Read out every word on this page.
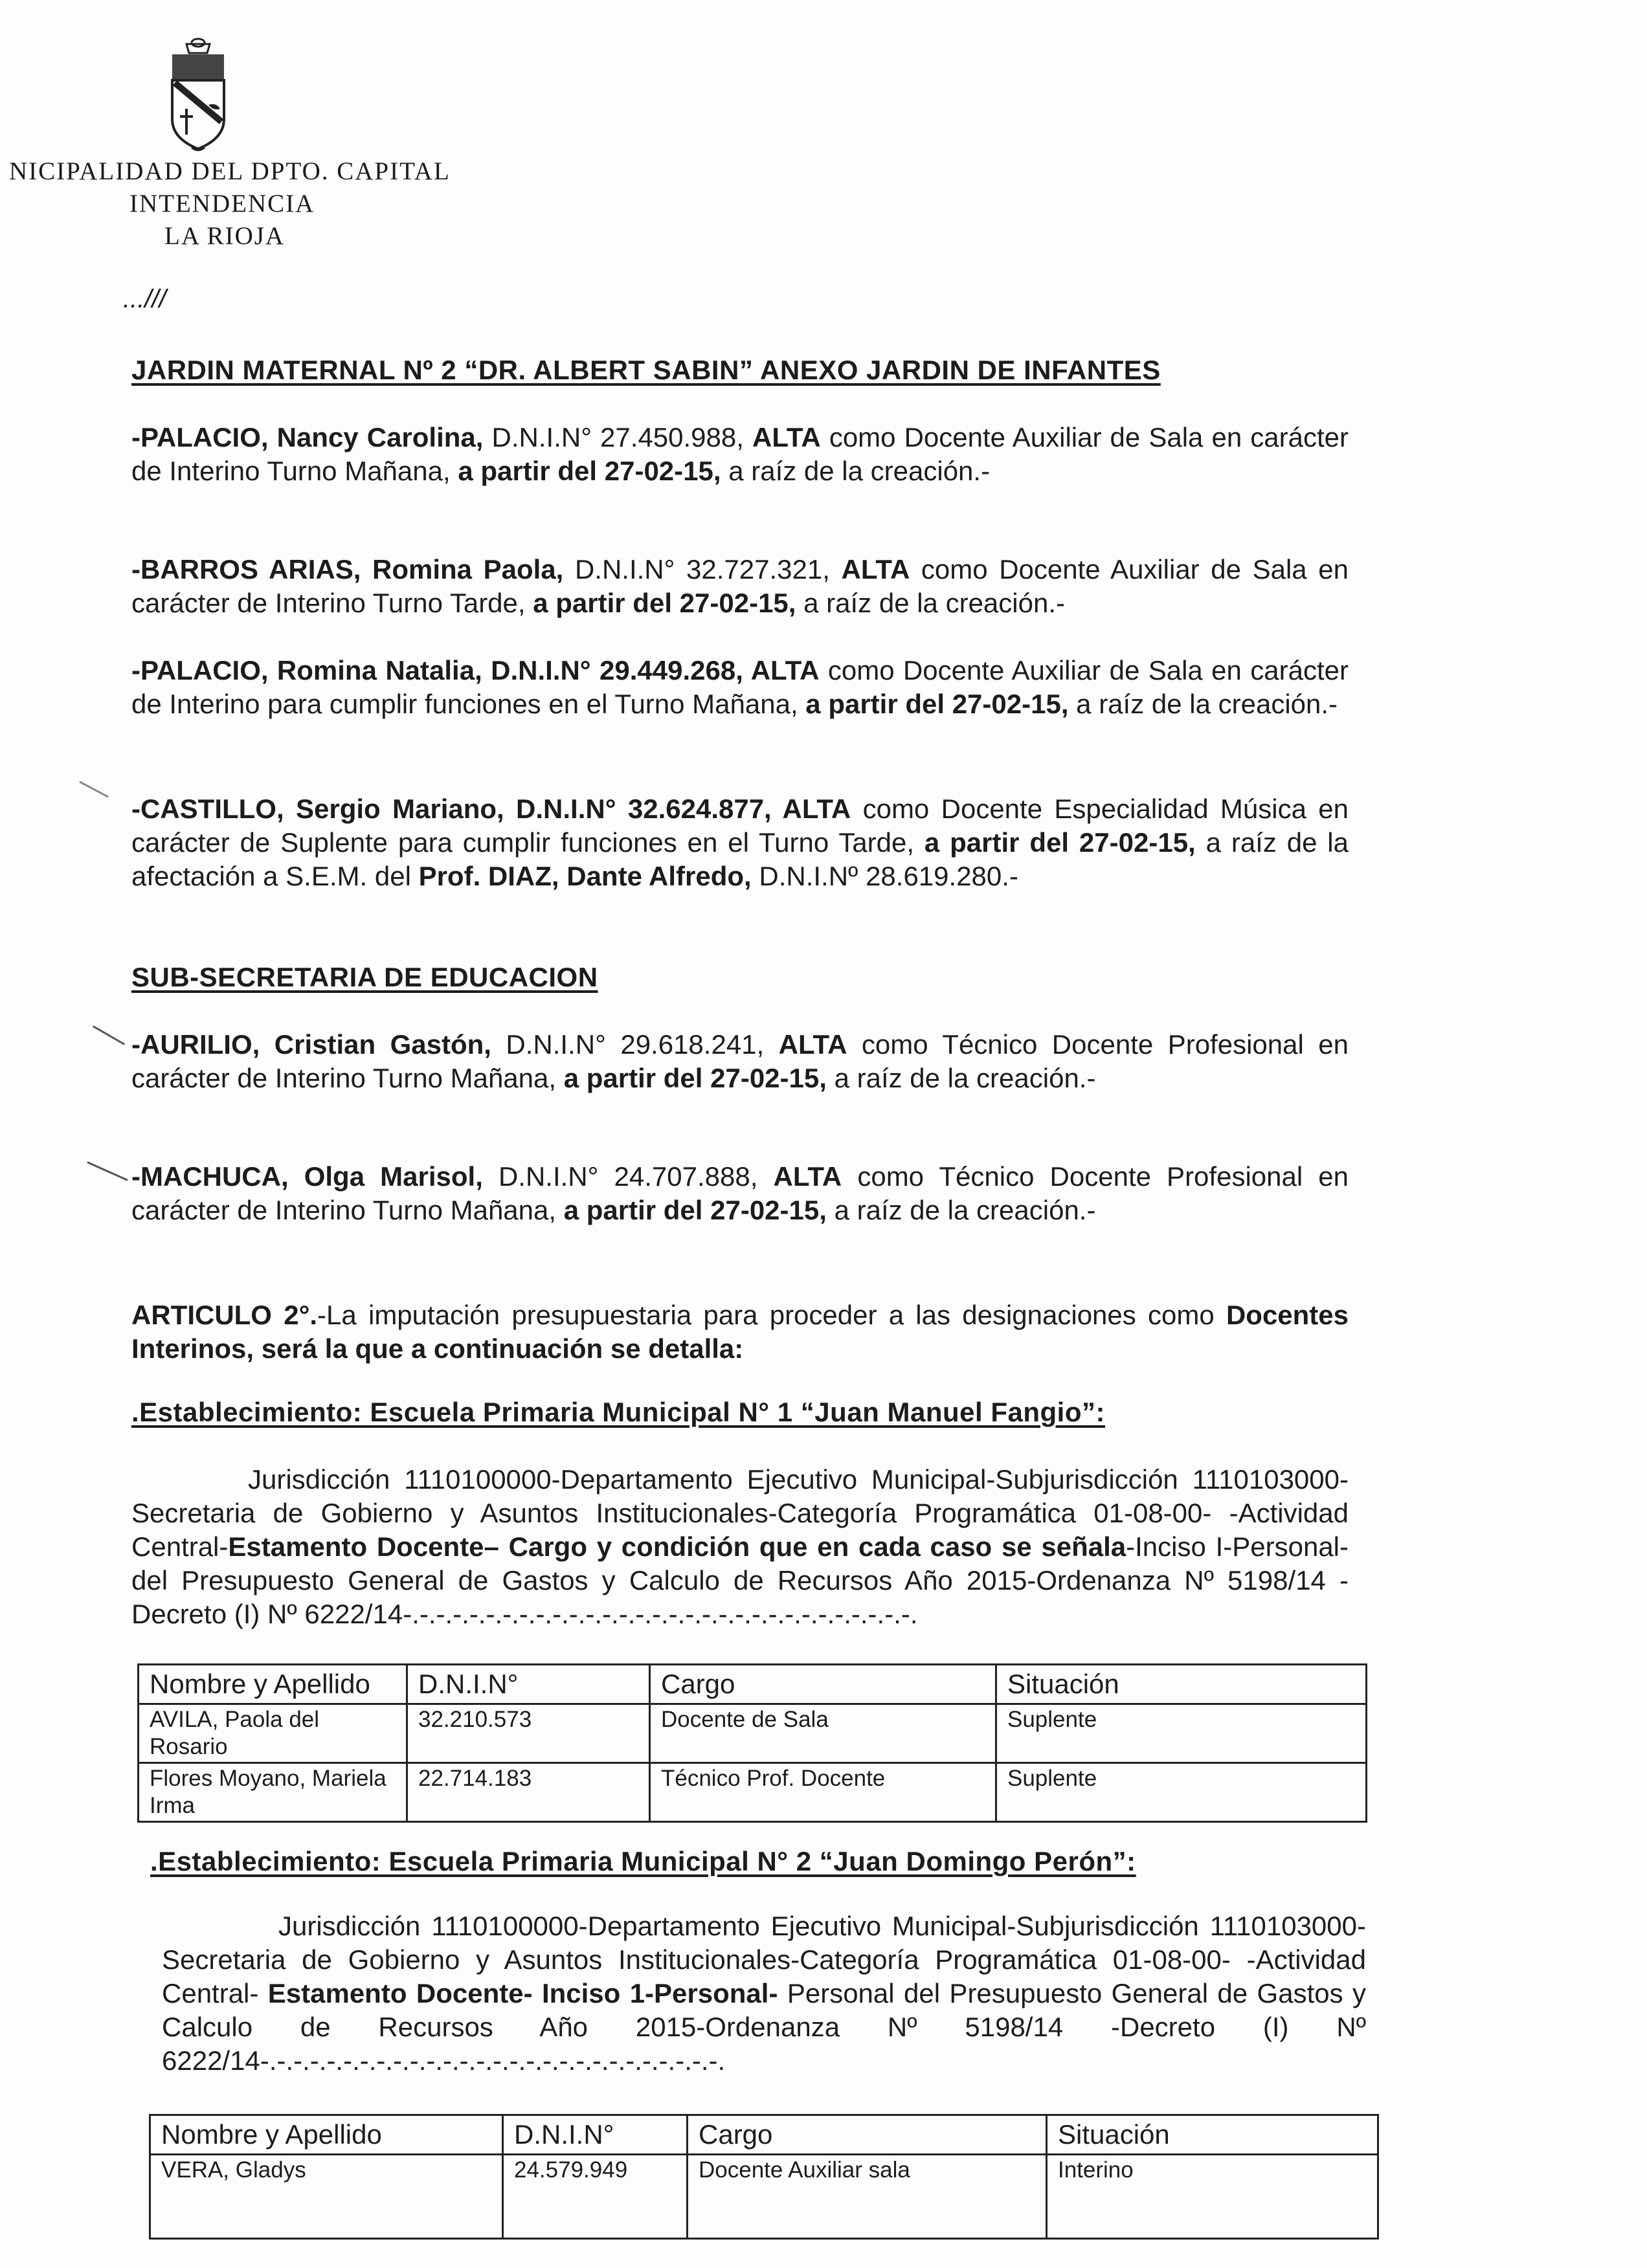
NICIPALIDAD DEL DPTO. CAPITAL
INTENDENCIA
LA RIOJA
...///
JARDIN MATERNAL Nº 2 “DR. ALBERT SABIN” ANEXO JARDIN DE INFANTES
-PALACIO, Nancy Carolina, D.N.I.N° 27.450.988, ALTA como Docente Auxiliar de Sala en carácter de Interino Turno Mañana, a partir del 27-02-15, a raíz de la creación.-
-BARROS ARIAS, Romina Paola, D.N.I.N° 32.727.321, ALTA como Docente Auxiliar de Sala en carácter de Interino Turno Tarde, a partir del 27-02-15, a raíz de la creación.-
-PALACIO, Romina Natalia, D.N.I.N° 29.449.268, ALTA como Docente Auxiliar de Sala en carácter de Interino para cumplir funciones en el Turno Mañana, a partir del 27-02-15, a raíz de la creación.-
-CASTILLO, Sergio Mariano, D.N.I.N° 32.624.877, ALTA como Docente Especialidad Música en carácter de Suplente para cumplir funciones en el Turno Tarde, a partir del 27-02-15, a raíz de la afectación a S.E.M. del Prof. DIAZ, Dante Alfredo, D.N.I.Nº 28.619.280.-
SUB-SECRETARIA DE EDUCACION
-AURILIO, Cristian Gastón, D.N.I.N° 29.618.241, ALTA como Técnico Docente Profesional en carácter de Interino Turno Mañana, a partir del 27-02-15, a raíz de la creación.-
-MACHUCA, Olga Marisol, D.N.I.N° 24.707.888, ALTA como Técnico Docente Profesional en carácter de Interino Turno Mañana, a partir del 27-02-15, a raíz de la creación.-
ARTICULO 2°.-La imputación presupuestaria para proceder a las designaciones como Docentes Interinos, será la que a continuación se detalla:
.Establecimiento: Escuela Primaria Municipal N° 1 “Juan Manuel Fangio”:
Jurisdicción 1110100000-Departamento Ejecutivo Municipal-Subjurisdicción 1110103000-Secretaria de Gobierno y Asuntos Institucionales-Categoría Programática 01-08-00- -Actividad Central-Estamento Docente– Cargo y condición que en cada caso se señala-Inciso I-Personal- del Presupuesto General de Gastos y Calculo de Recursos Año 2015-Ordenanza Nº 5198/14 -Decreto (I) Nº 6222/14-.-.-.-.-.-.-.-.-.-.-.-.-.-.-.-.-.-.-.-.-.-.-.-.-.-.-.-.-.-.-.
Nombre y Apellido	D.N.I.N°	Cargo	Situación
AVILA, Paola del Rosario	32.210.573	Docente de Sala	Suplente
Flores Moyano, Mariela Irma	22.714.183	Técnico Prof. Docente	Suplente
.Establecimiento: Escuela Primaria Municipal N° 2 “Juan Domingo Perón”:
Jurisdicción 1110100000-Departamento Ejecutivo Municipal-Subjurisdicción 1110103000-Secretaria de Gobierno y Asuntos Institucionales-Categoría Programática 01-08-00- -Actividad Central- Estamento Docente- Inciso 1-Personal- Personal del Presupuesto General de Gastos y Calculo de Recursos Año 2015-Ordenanza Nº 5198/14 -Decreto (I) Nº 6222/14-.-.-.-.-.-.-.-.-.-.-.-.-.-.-.-.-.-.-.-.-.-.-.-.-.-.-.-.
Nombre y Apellido	D.N.I.N°	Cargo	Situación
VERA, Gladys	24.579.949	Docente Auxiliar sala	Interino
